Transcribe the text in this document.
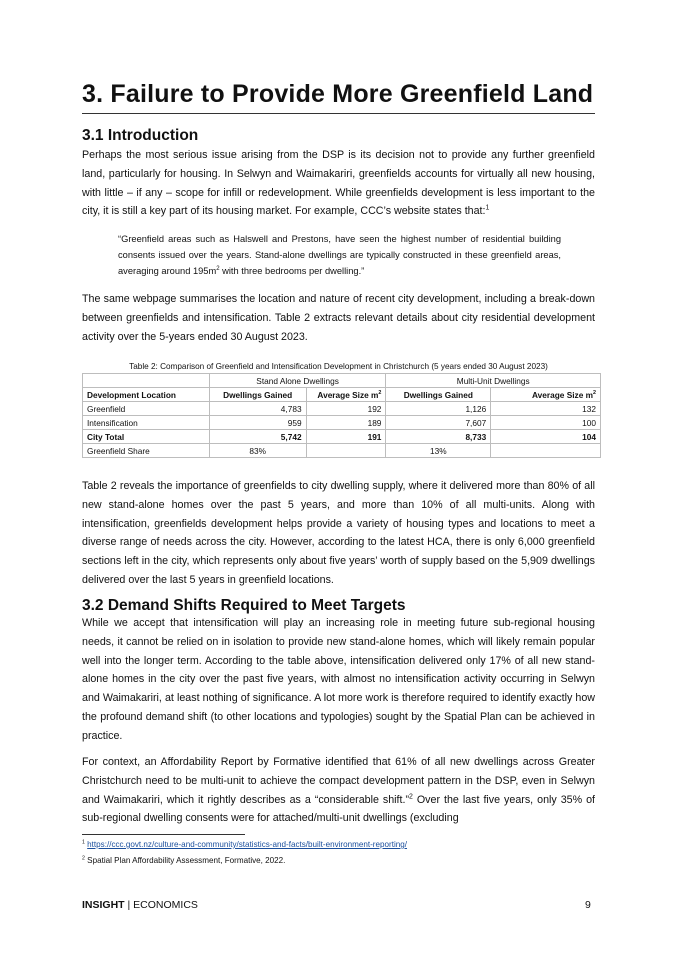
3. Failure to Provide More Greenfield Land
3.1 Introduction
Perhaps the most serious issue arising from the DSP is its decision not to provide any further greenfield land, particularly for housing. In Selwyn and Waimakariri, greenfields accounts for virtually all new housing, with little – if any – scope for infill or redevelopment. While greenfields development is less important to the city, it is still a key part of its housing market. For example, CCC’s website states that:$^1$
“Greenfield areas such as Halswell and Prestons, have seen the highest number of residential building consents issued over the years. Stand-alone dwellings are typically constructed in these greenfield areas, averaging around $195m^2$ with three bedrooms per dwelling.”
The same webpage summarises the location and nature of recent city development, including a break-down between greenfields and intensification. Table 2 extracts relevant details about city residential development activity over the 5-years ended 30 August 2023.
Table 2: Comparison of Greenfield and Intensification Development in Christchurch (5 years ended 30 August 2023)
	Stand Alone Dwellings		Multi-Unit Dwellings	
Development Location	Dwellings Gained	Average Size $m^2$	Dwellings Gained	Average Size $m^2$
Greenfield	4,783	192	1,126	132
Intensification	959	189	7,607	100
City Total	5,742	191	8,733	104
Greenfield Share	83%		13%	
Table 2 reveals the importance of greenfields to city dwelling supply, where it delivered more than 80% of all new stand-alone homes over the past 5 years, and more than 10% of all multi-units. Along with intensification, greenfields development helps provide a variety of housing types and locations to meet a diverse range of needs across the city. However, according to the latest HCA, there is only 6,000 greenfield sections left in the city, which represents only about five years’ worth of supply based on the 5,909 dwellings delivered over the last 5 years in greenfield locations.
3.2 Demand Shifts Required to Meet Targets
While we accept that intensification will play an increasing role in meeting future sub-regional housing needs, it cannot be relied on in isolation to provide new stand-alone homes, which will likely remain popular well into the longer term. According to the table above, intensification delivered only 17% of all new stand-alone homes in the city over the past five years, with almost no intensification activity occurring in Selwyn and Waimakariri, at least nothing of significance. A lot more work is therefore required to identify exactly how the profound demand shift (to other locations and typologies) sought by the Spatial Plan can be achieved in practice.
For context, an Affordability Report by Formative identified that 61% of all new dwellings across Greater Christchurch need to be multi-unit to achieve the compact development pattern in the DSP, even in Selwyn and Waimakariri, which it rightly describes as a “considerable shift.”$^2$ Over the last five years, only 35% of sub-regional dwelling consents were for attached/multi-unit dwellings (excluding
$^1$ https://ccc.govt.nz/culture-and-community/statistics-and-facts/built-environment-reporting/
$^2$ Spatial Plan Affordability Assessment, Formative, 2022.
INSIGHT | ECONOMICS	9
